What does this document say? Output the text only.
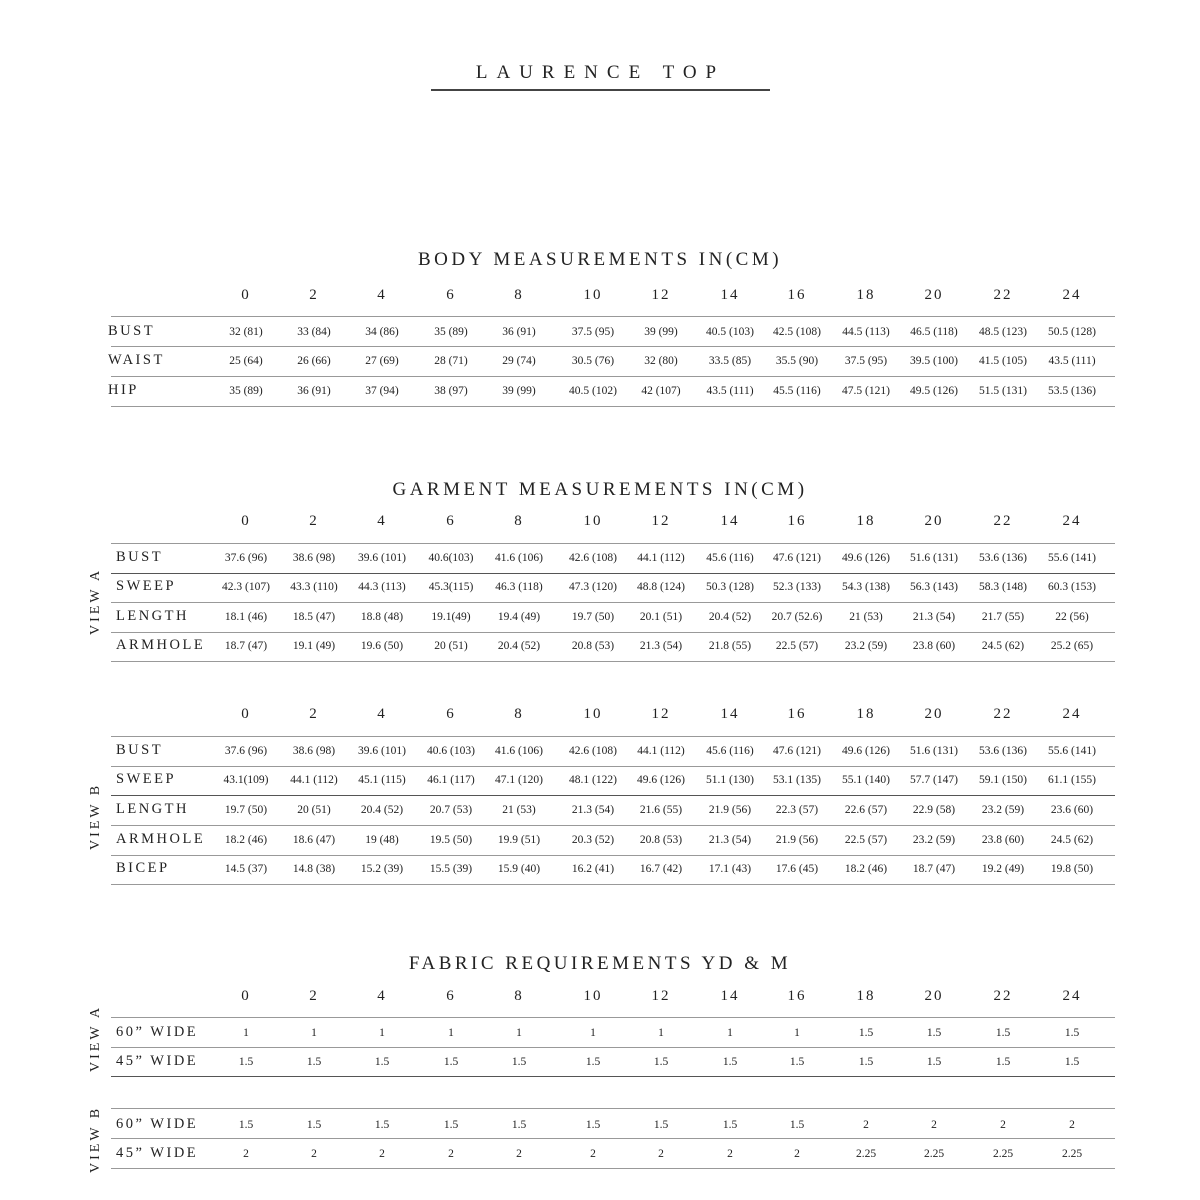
LAURENCE TOP
BODY MEASUREMENTS IN(CM)
GARMENT MEASUREMENTS IN(CM)
FABRIC REQUIREMENTS YD & M
0	2	4	6	8	10	12	14	16	18	20	22	24
BUST	32 (81)	33 (84)	34 (86)	35 (89)	36 (91)	37.5 (95)	39 (99)	40.5 (103)	42.5 (108)	44.5 (113)	46.5 (118)	48.5 (123)	50.5 (128)
WAIST	25 (64)	26 (66)	27 (69)	28 (71)	29 (74)	30.5 (76)	32 (80)	33.5 (85)	35.5 (90)	37.5 (95)	39.5 (100)	41.5 (105)	43.5 (111)
HIP	35 (89)	36 (91)	37 (94)	38 (97)	39 (99)	40.5 (102)	42 (107)	43.5 (111)	45.5 (116)	47.5 (121)	49.5 (126)	51.5 (131)	53.5 (136)
0	2	4	6	8	10	12	14	16	18	20	22	24
BUST	37.6 (96)	38.6 (98)	39.6 (101)	40.6(103)	41.6 (106)	42.6 (108)	44.1 (112)	45.6 (116)	47.6 (121)	49.6 (126)	51.6 (131)	53.6 (136)	55.6 (141)
SWEEP	42.3 (107)	43.3 (110)	44.3 (113)	45.3(115)	46.3 (118)	47.3 (120)	48.8 (124)	50.3 (128)	52.3 (133)	54.3 (138)	56.3 (143)	58.3 (148)	60.3 (153)
LENGTH	18.1 (46)	18.5 (47)	18.8 (48)	19.1(49)	19.4 (49)	19.7 (50)	20.1 (51)	20.4 (52)	20.7 (52.6)	21 (53)	21.3 (54)	21.7 (55)	22 (56)
ARMHOLE	18.7 (47)	19.1 (49)	19.6 (50)	20 (51)	20.4 (52)	20.8 (53)	21.3 (54)	21.8 (55)	22.5 (57)	23.2 (59)	23.8 (60)	24.5 (62)	25.2 (65)
VIEW A
0	2	4	6	8	10	12	14	16	18	20	22	24
BUST	37.6 (96)	38.6 (98)	39.6 (101)	40.6 (103)	41.6 (106)	42.6 (108)	44.1 (112)	45.6 (116)	47.6 (121)	49.6 (126)	51.6 (131)	53.6 (136)	55.6 (141)
SWEEP	43.1(109)	44.1 (112)	45.1 (115)	46.1 (117)	47.1 (120)	48.1 (122)	49.6 (126)	51.1 (130)	53.1 (135)	55.1 (140)	57.7 (147)	59.1 (150)	61.1 (155)
LENGTH	19.7 (50)	20 (51)	20.4 (52)	20.7 (53)	21 (53)	21.3 (54)	21.6 (55)	21.9 (56)	22.3 (57)	22.6 (57)	22.9 (58)	23.2 (59)	23.6 (60)
ARMHOLE	18.2 (46)	18.6 (47)	19 (48)	19.5 (50)	19.9 (51)	20.3 (52)	20.8 (53)	21.3 (54)	21.9 (56)	22.5 (57)	23.2 (59)	23.8 (60)	24.5 (62)
BICEP	14.5 (37)	14.8 (38)	15.2 (39)	15.5 (39)	15.9 (40)	16.2 (41)	16.7 (42)	17.1 (43)	17.6 (45)	18.2 (46)	18.7 (47)	19.2 (49)	19.8 (50)
VIEW B
0	2	4	6	8	10	12	14	16	18	20	22	24
60” WIDE	1	1	1	1	1	1	1	1	1	1.5	1.5	1.5	1.5
45” WIDE	1.5	1.5	1.5	1.5	1.5	1.5	1.5	1.5	1.5	1.5	1.5	1.5	1.5
VIEW A
60” WIDE	1.5	1.5	1.5	1.5	1.5	1.5	1.5	1.5	1.5	2	2	2	2
45” WIDE	2	2	2	2	2	2	2	2	2	2.25	2.25	2.25	2.25
VIEW B
